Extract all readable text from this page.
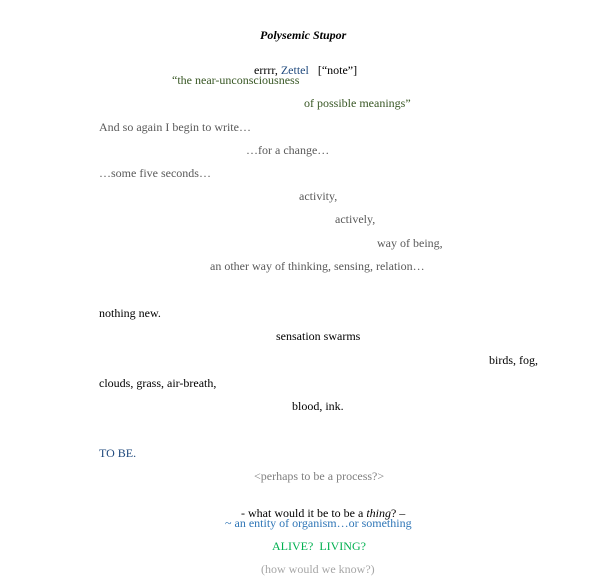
Polysemic Stupor

errrr, Zettel [“note”]

“the near-unconsciousness
of possible meanings”
And so again I begin to write…
…for a change…
…some five seconds…
activity,
actively,
way of being,
an other way of thinking, sensing, relation…
nothing new.
sensation swarms
birds, fog,
clouds, grass, air-breath,
blood, ink.
TO BE.
<perhaps to be a process?>

- what would it be to be a thing? –

~ an entity of organism…or something
ALIVE?  LIVING?
(how would we know?)
